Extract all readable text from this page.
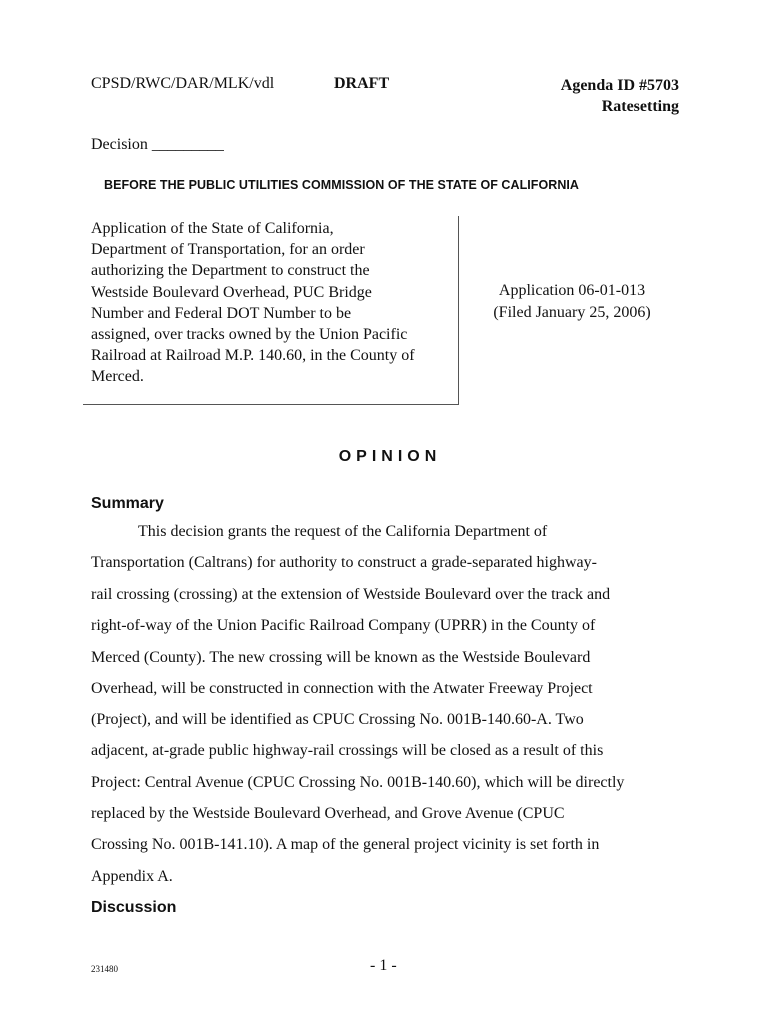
CPSD/RWC/DAR/MLK/vdl	DRAFT	Agenda ID #5703
Ratesetting
Decision _________
BEFORE THE PUBLIC UTILITIES COMMISSION OF THE STATE OF CALIFORNIA
Application of the State of California,
Department of Transportation, for an order
authorizing the Department to construct the
Westside Boulevard Overhead, PUC Bridge
Number and Federal DOT Number to be
assigned, over tracks owned by the Union Pacific
Railroad at Railroad M.P. 140.60, in the County of
Merced.
Application 06-01-013
(Filed January 25, 2006)
OPINION
Summary
This decision grants the request of the California Department of
Transportation (Caltrans) for authority to construct a grade-separated highway-
rail crossing (crossing) at the extension of Westside Boulevard over the track and
right-of-way of the Union Pacific Railroad Company (UPRR) in the County of
Merced (County). The new crossing will be known as the Westside Boulevard
Overhead, will be constructed in connection with the Atwater Freeway Project
(Project), and will be identified as CPUC Crossing No. 001B-140.60-A. Two
adjacent, at-grade public highway-rail crossings will be closed as a result of this
Project: Central Avenue (CPUC Crossing No. 001B-140.60), which will be directly
replaced by the Westside Boulevard Overhead, and Grove Avenue (CPUC
Crossing No. 001B-141.10). A map of the general project vicinity is set forth in
Appendix A.
Discussion
231480	- 1 -
